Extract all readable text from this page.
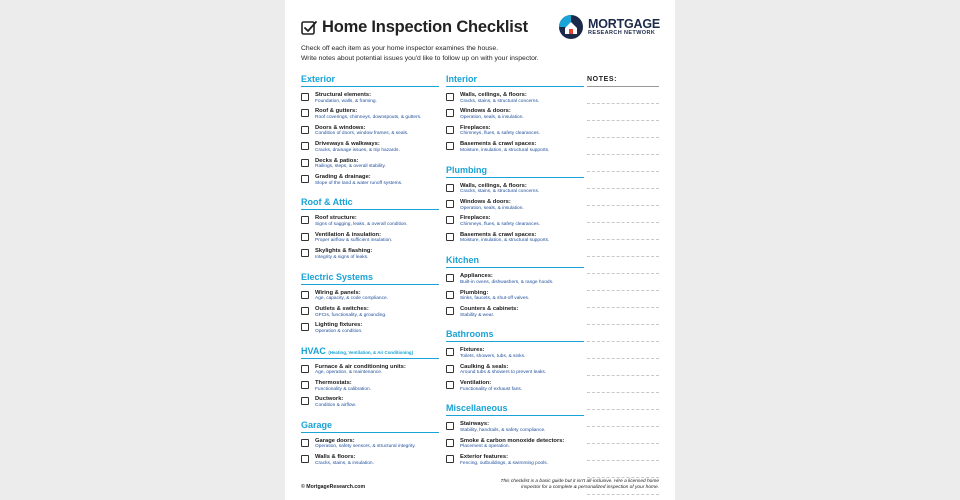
Home Inspection Checklist	MORTGAGE
RESEARCH NETWORK
Check off each item as your home inspector examines the house.
Write notes about potential issues you'd like to follow up on with your inspector.
Exterior
Structural elements:
Foundation, walls, & framing.
Roof & gutters:
Roof coverings, chimneys, downspouts, & gutters.
Doors & windows:
Condition of doors, window frames, & seals.
Driveways & walkways:
Cracks, drainage issues, & trip hazards.
Decks & patios:
Railings, steps, & overall stability.
Grading & drainage:
Slope of the land & water runoff systems.
Roof & Attic
Roof structure:
Signs of sagging, leaks, & overall condition.
Ventilation & insulation:
Proper airflow & sufficient insulation.
Skylights & flashing:
Integrity & signs of leaks.
Electric Systems
Wiring & panels:
Age, capacity, & code compliance.
Outlets & switches:
GFCIs, functionality, & grounding.
Lighting fixtures:
Operation & condition.
HVAC (Heating, Ventilation, & Air Conditioning)
Furnace & air conditioning units:
Age, operation, & maintenance.
Thermostats:
Functionality & calibration.
Ductwork:
Condition & airflow.
Garage
Garage doors:
Operation, safety sensors, & structural integrity.
Walls & floors:
Cracks, stains, & insulation.
Interior
Walls, ceilings, & floors:
Cracks, stains, & structural concerns.
Windows & doors:
Operation, seals, & insulation.
Fireplaces:
Chimneys, flues, & safety clearances.
Basements & crawl spaces:
Moisture, insulation, & structural supports.
Plumbing
Walls, ceilings, & floors:
Cracks, stains, & structural concerns.
Windows & doors:
Operation, seals, & insulation.
Fireplaces:
Chimneys, flues, & safety clearances.
Basements & crawl spaces:
Moisture, insulation, & structural supports.
Kitchen
Appliances:
Built-in ovens, dishwashers, & range hoods.
Plumbing:
Sinks, faucets, & shut-off valves.
Counters & cabinets:
Stability & wear.
Bathrooms
Fixtures:
Toilets, showers, tubs, & sinks.
Caulking & seals:
Around tubs & showers to prevent leaks.
Ventilation:
Functionality of exhaust fans.
Miscellaneous
Stairways:
Stability, handrails, & safety compliance.
Smoke & carbon monoxide detectors:
Placement & operation.
Exterior features:
Fencing, outbuildings, & swimming pools.
NOTES:
© MortgageResearch.com
This checklist is a basic guide but it isn't all-inclusive. Hire a licensed home
inspector for a complete & personalized inspection of your home.
